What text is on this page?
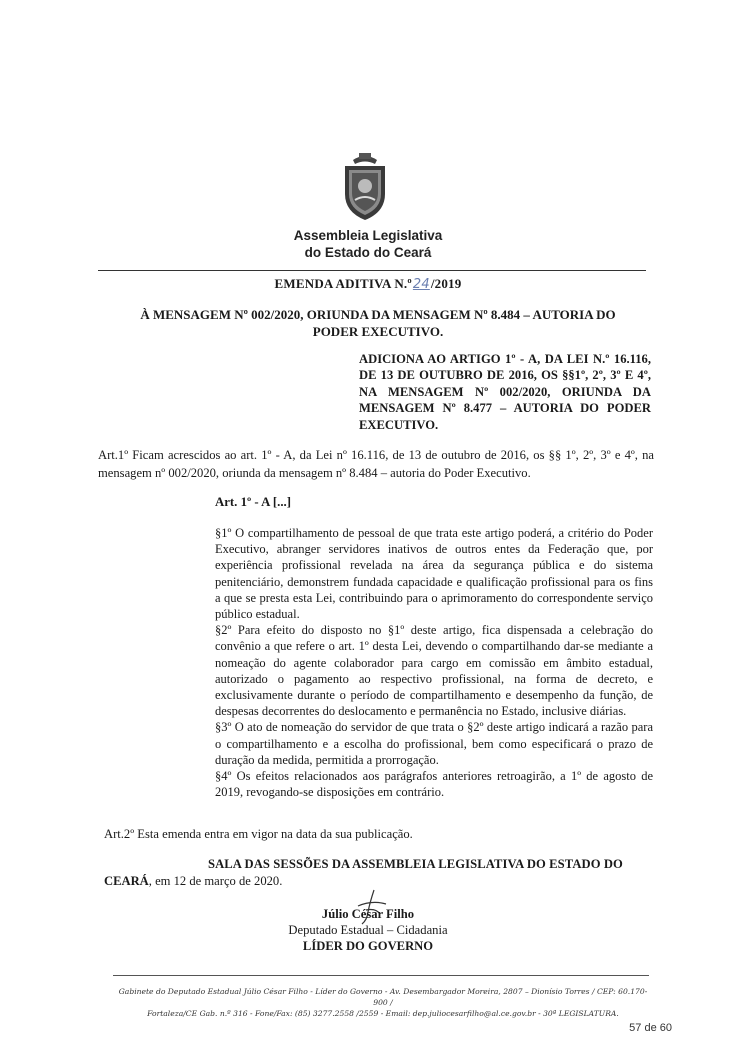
Assembleia Legislativa
do Estado do Ceará
EMENDA ADITIVA N.º24/2019
À MENSAGEM Nº 002/2020, ORIUNDA DA MENSAGEM Nº 8.484 – AUTORIA DO PODER EXECUTIVO.
ADICIONA AO ARTIGO 1º - A, DA LEI N.º 16.116, DE 13 DE OUTUBRO DE 2016, OS §§1º, 2º, 3º E 4º, NA MENSAGEM Nº 002/2020, ORIUNDA DA MENSAGEM Nº 8.477 – AUTORIA DO PODER EXECUTIVO.
Art.1º Ficam acrescidos ao art. 1º - A, da Lei nº 16.116, de 13 de outubro de 2016, os §§ 1º, 2º, 3º e 4º, na mensagem nº 002/2020, oriunda da mensagem nº 8.484 – autoria do Poder Executivo.
Art. 1º - A [...]

§1º O compartilhamento de pessoal de que trata este artigo poderá, a critério do Poder Executivo, abranger servidores inativos de outros entes da Federação que, por experiência profissional revelada na área da segurança pública e do sistema penitenciário, demonstrem fundada capacidade e qualificação profissional para os fins a que se presta esta Lei, contribuindo para o aprimoramento do correspondente serviço público estadual.

§2º Para efeito do disposto no §1º deste artigo, fica dispensada a celebração do convênio a que refere o art. 1º desta Lei, devendo o compartilhando dar-se mediante a nomeação do agente colaborador para cargo em comissão em âmbito estadual, autorizado o pagamento ao respectivo profissional, na forma de decreto, e exclusivamente durante o período de compartilhamento e desempenho da função, de despesas decorrentes do deslocamento e permanência no Estado, inclusive diárias.

§3º O ato de nomeação do servidor de que trata o §2º deste artigo indicará a razão para o compartilhamento e a escolha do profissional, bem como especificará o prazo de duração da medida, permitida a prorrogação.

§4º Os efeitos relacionados aos parágrafos anteriores retroagirão, a 1º de agosto de 2019, revogando-se disposições em contrário.

Art.2º Esta emenda entra em vigor na data da sua publicação.
SALA DAS SESSÕES DA ASSEMBLEIA LEGISLATIVA DO ESTADO DO
CEARÁ, em 12 de março de 2020.
Júlio César Filho
Deputado Estadual – Cidadania
LÍDER DO GOVERNO
Gabinete do Deputado Estadual Júlio César Filho - Líder do Governo - Av. Desembargador Moreira, 2807 – Dionísio Torres / CEP: 60.170-900 /
Fortaleza/CE Gab. n.º 316 - Fone/Fax: (85) 3277.2558 /2559 - Email: dep.juliocesarfilho@al.ce.gov.br - 30ª LEGISLATURA.
57 de 60
